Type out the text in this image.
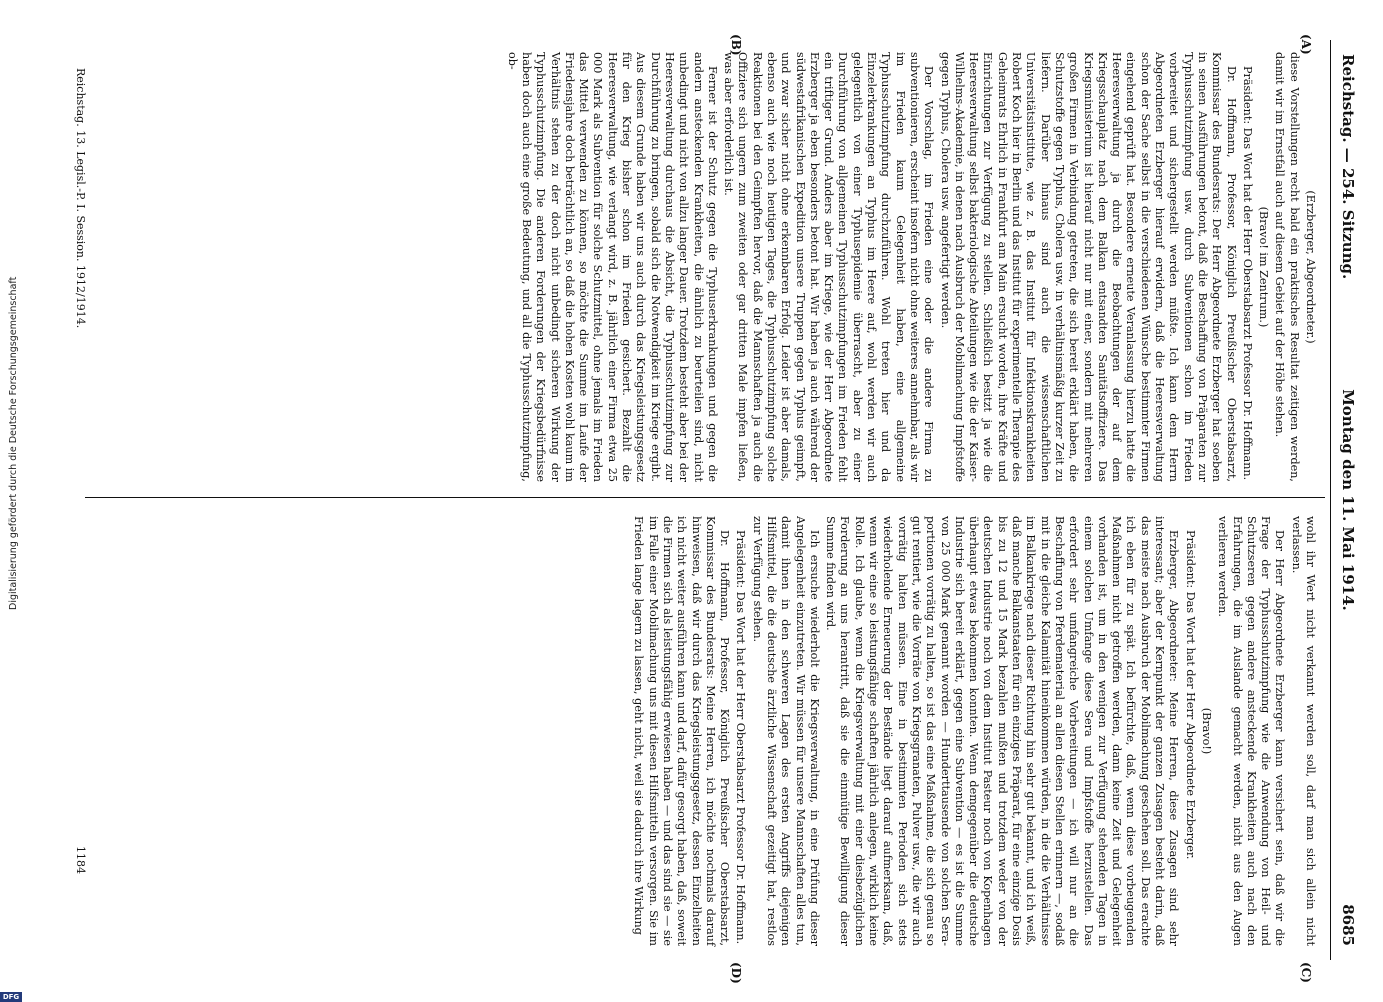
Reichstag. — 254. Sitzung.
Montag den 11. Mai 1914.
8685
(A)
(B)
(C)
(D)

(Erzberger, Abgeordneter.)

diese Vorstellungen recht bald ein praktisches Resultat zeitigen werden, damit wir im Ernstfall auch auf diesem Gebiet auf der Höhe stehen.

(Bravo! im Zentrum.)

Präsident: Das Wort hat der Herr Oberstabsarzt Professor Dr. Hoffmann.

Dr. Hoffmann, Professor, Königlich Preußischer Oberstabsarzt, Kommissar des Bundesrats: Der Herr Abgeordnete Erzberger hat soeben in seinen Ausführungen betont, daß die Beschaffung von Präparaten zur Typhusschutzimpfung usw. durch Subventionen schon im Frieden vorbereitet und sichergestellt werden müßte. Ich kann dem Herrn Abgeordneten Erzberger hierauf erwidern, daß die Heeresverwaltung schon der Sache selbst in die verschiedenen Wünsche bestimmter Firmen eingehend geprüft hat. Besondere erneute Veranlassung hierzu hatte die Heeresverwaltung ja durch die Beobachtungen der auf dem Kriegsschauplatz nach dem Balkan entsandten Sanitätsoffiziere. Das Kriegsministerium ist hierauf nicht nur mit einer, sondern mit mehreren großen Firmen in Verbindung getreten, die sich bereit erklärt haben, die Schutzstoffe gegen Typhus, Cholera usw. in verhältnismäßig kurzer Zeit zu liefern. Darüber hinaus sind auch die wissenschaftlichen Universitätsinstitute, wie z. B. das Institut für Infektionskrankheiten Robert Koch hier in Berlin und das Institut für experimentelle Therapie des Geheimrats Ehrlich in Frankfurt am Main ersucht worden, ihre Kräfte und Einrichtungen zur Verfügung zu stellen. Schließlich besitzt ja wie die Heeresverwaltung selbst bakteriologische Abteilungen wie die der Kaiser-Wilhelms-Akademie, in denen nach Ausbruch der Mobilmachung Impfstoffe gegen Typhus, Cholera usw. angefertigt werden.

Der Vorschlag, im Frieden eine oder die andere Firma zu subventionieren, erscheint insofern nicht ohne weiteres annehmbar, als wir im Frieden kaum Gelegenheit haben, eine allgemeine Typhusschutzimpfung durchzuführen. Wohl treten hier und da Einzelerkrankungen an Typhus im Heere auf, wohl werden wir auch gelegentlich von einer Typhusepidemie überrascht, aber zu einer Durchführung von allgemeinen Typhusschutzimpfungen im Frieden fehlt ein triftiger Grund. Anders aber im Kriege, wie der Herr Abgeordnete Erzberger ja eben besonders betont hat. Wir haben ja auch während der südwestafrikanischen Expedition unsere Truppen gegen Typhus geimpft, und zwar sicher nicht ohne erkennbaren Erfolg. Leider ist aber damals, ebenso auch wie noch heutigen Tages, die Typhusschutzimpfung solche Reaktionen bei den Geimpften hervor, daß die Mannschaften ja auch die Offiziere sich ungern zum zweiten oder gar dritten Male impfen ließen, was aber erforderlich ist.

Ferner ist der Schutz gegen die Typhuserkrankungen und gegen die andern ansteckenden Krankheiten, die ähnlich zu beurteilen sind, nicht unbedingt und nicht von allzu langer Dauer. Trotzdem besteht aber bei der Heeresverwaltung durchaus die Absicht, die Typhusschutzimpfung zur Durchführung zu bringen, sobald sich die Notwendigkeit im Kriege ergibt. Aus diesem Grunde haben wir uns auch durch das Kriegsleistungsgesetz für den Krieg bisher schon im Frieden gesichert. Bezahlt die Heeresverwaltung, wie verlangt wird, z. B. jährlich einer Firma etwa 25 000 Mark als Subvention für solche Schutzmittel, ohne jemals im Frieden das Mittel verwenden zu können, so möchte die Summe im Laufe der Friedensjahre doch beträchtlich an, so daß die hohen Kosten wohl kaum im Verhältnis stehen zu der doch nicht unbedingt sicheren Wirkung der Typhusschutzimpfung. Die anderen Forderungen der Kriegsbedürfnisse haben doch auch eine große Bedeutung, und all die Typhusschutzimpfung, ob-

wohl ihr Wert nicht verkannt werden soll, darf man sich allein nicht verlassen.

Der Herr Abgeordnete Erzberger kann versichert sein, daß wir die Frage der Typhusschutzimpfung wie die Anwendung von Heil- und Schutzseren gegen andere ansteckende Krankheiten auch nach den Erfahrungen, die im Auslande gemacht werden, nicht aus den Augen verlieren werden.

(Bravo!)

Präsident: Das Wort hat der Herr Abgeordnete Erzberger.

Erzberger, Abgeordneter: Meine Herren, diese Zusagen sind sehr interessant; aber der Kernpunkt der ganzen Zusagen besteht darin, daß das meiste nach Ausbruch der Mobilmachung geschehen soll. Das erachte ich eben für zu spät. Ich befürchte, daß, wenn diese vorbeugenden Maßnahmen nicht getroffen werden, dann keine Zeit und Gelegenheit vorhanden ist, um in den wenigen zur Verfügung stehenden Tagen in einem solchen Umfange diese Sera und Impfstoffe herzustellen. Das erfordert sehr umfangreiche Vorbereitungen — ich will nur an die Beschaffung von Pferdematerial an allen diesen Stellen erinnern —, sodaß mit in die gleiche Kalamität hineinkommen würden, in die die Verhältnisse im Balkankriege nach dieser Richtung hin sehr gut bekannt, und ich weiß, daß manche Balkanstaaten für ein einziges Präparat, für eine einzige Dosis bis zu 12 und 15 Mark bezahlen mußten und trotzdem weder von der deutschen Industrie noch von dem Institut Pasteur noch von Kopenhagen überhaupt etwas bekommen konnten. Wenn demgegenüber die deutsche Industrie sich bereit erklärt, gegen eine Subvention — es ist die Summe von 25 000 Mark genannt worden — Hunderttausende von solchen Sera-portionen vorrätig zu halten, so ist das eine Maßnahme, die sich genau so gut rentiert, wie die Vorräte von Kriegsgranaten, Pulver usw., die wir auch vorrätig halten müssen. Eine in bestimmten Perioden sich stets wiederholende Erneuerung der Bestände liegt darauf aufmerksam, daß, wenn wir eine so leistungsfähige schaften jährlich anlegen, wirklich keine Rolle. Ich glaube, wenn die Kriegsverwaltung mit einer diesbezüglichen Forderung an uns herantritt, daß sie die einmütige Bewilligung dieser Summe finden wird.

Ich ersuche wiederholt die Kriegsverwaltung, in eine Prüfung dieser Angelegenheit einzutreten. Wir müssen für unsere Mannschaften alles tun, damit ihnen in den schweren Lagen des ersten Angriffs diejenigen Hilfsmittel, die die deutsche ärztliche Wissenschaft gezeitigt hat, restlos zur Verfügung stehen.

Präsident: Das Wort hat der Herr Oberstabsarzt Professor Dr. Hoffmann.

Dr. Hoffmann, Professor, Königlich Preußischer Oberstabsarzt, Kommissar des Bundesrats: Meine Herren, ich möchte nochmals darauf hinweisen, daß wir durch das Kriegsleistungsgesetz, dessen Einzelheiten ich nicht weiter ausführen kann und darf, dafür gesorgt haben, daß, soweit die Firmen sich als leistungsfähig erwiesen haben — und das sind sie — sie im Falle einer Mobilmachung uns mit diesen Hilfsmitteln versorgen. Sie im Frieden lange lagern zu lassen, geht nicht, weil sie dadurch ihre Wirkung

Reichstag. 13. Legisl.-P. I. Session. 1912/1914.
1184
Digitalisierung gefördert durch die Deutsche Forschungsgemeinschaft
DFG
